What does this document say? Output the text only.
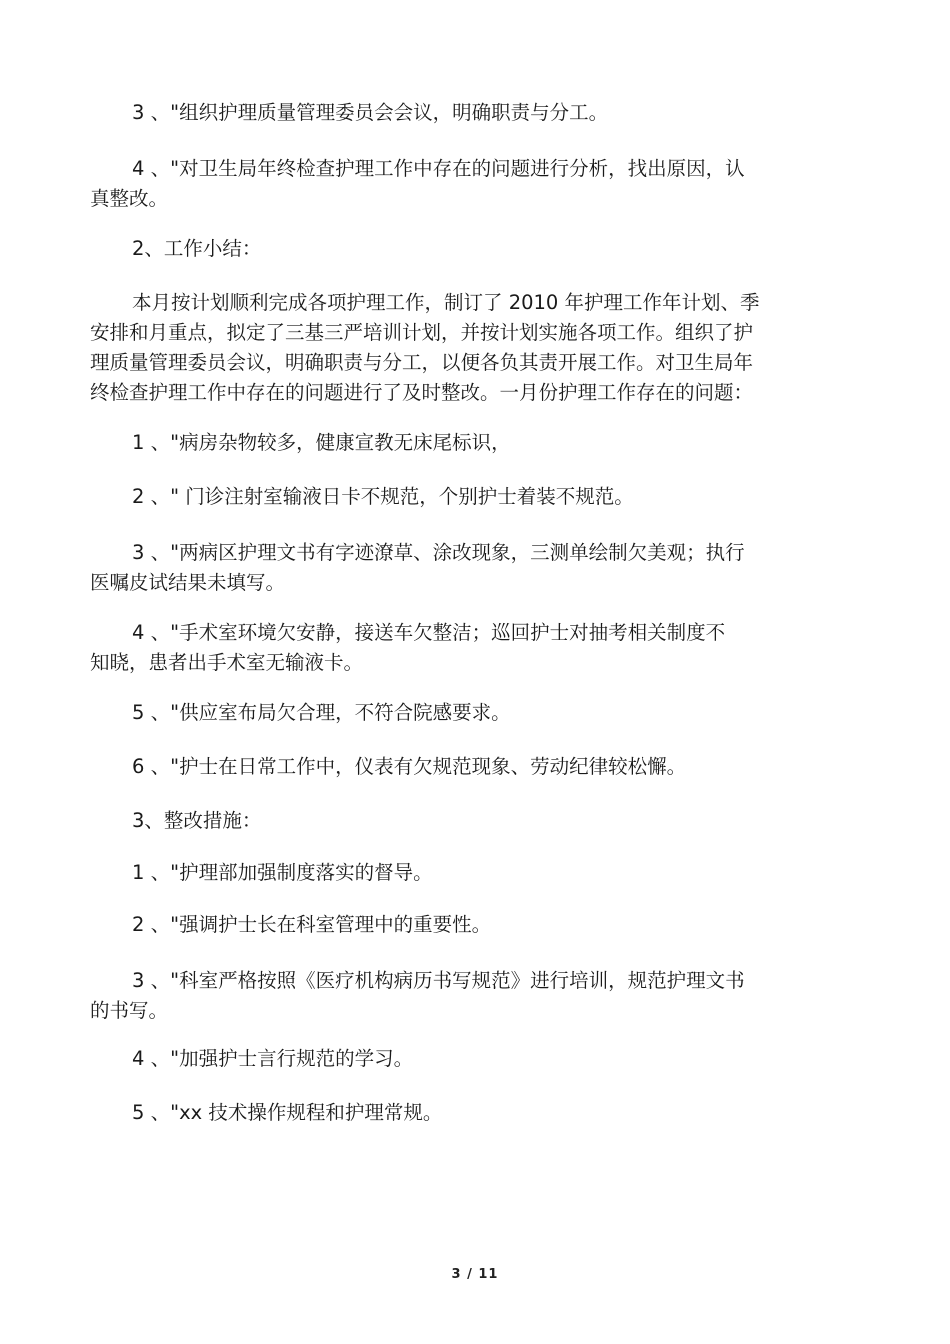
3 、"组织护理质量管理委员会会议，明确职责与分工。
4 、"对卫生局年终检查护理工作中存在的问题进行分析，找出原因，认
真整改。
2、工作小结：
本月按计划顺利完成各项护理工作，制订了 2010 年护理工作年计划、季
安排和月重点，拟定了三基三严培训计划，并按计划实施各项工作。组织了护
理质量管理委员会议，明确职责与分工，以便各负其责开展工作。对卫生局年
终检查护理工作中存在的问题进行了及时整改。一月份护理工作存在的问题：
1 、"病房杂物较多，健康宣教无床尾标识，
2 、" 门诊注射室输液日卡不规范，个别护士着装不规范。
3 、"两病区护理文书有字迹潦草、涂改现象，三测单绘制欠美观；执行
医嘱皮试结果未填写。
4 、"手术室环境欠安静，接送车欠整洁；巡回护士对抽考相关制度不
知晓，患者出手术室无输液卡。
5 、"供应室布局欠合理，不符合院感要求。
6 、"护士在日常工作中，仪表有欠规范现象、劳动纪律较松懈。
3、整改措施：
1 、"护理部加强制度落实的督导。
2 、"强调护士长在科室管理中的重要性。
3 、"科室严格按照《医疗机构病历书写规范》进行培训，规范护理文书
的书写。
4 、"加强护士言行规范的学习。
5 、"xx 技术操作规程和护理常规。
3 / 11
